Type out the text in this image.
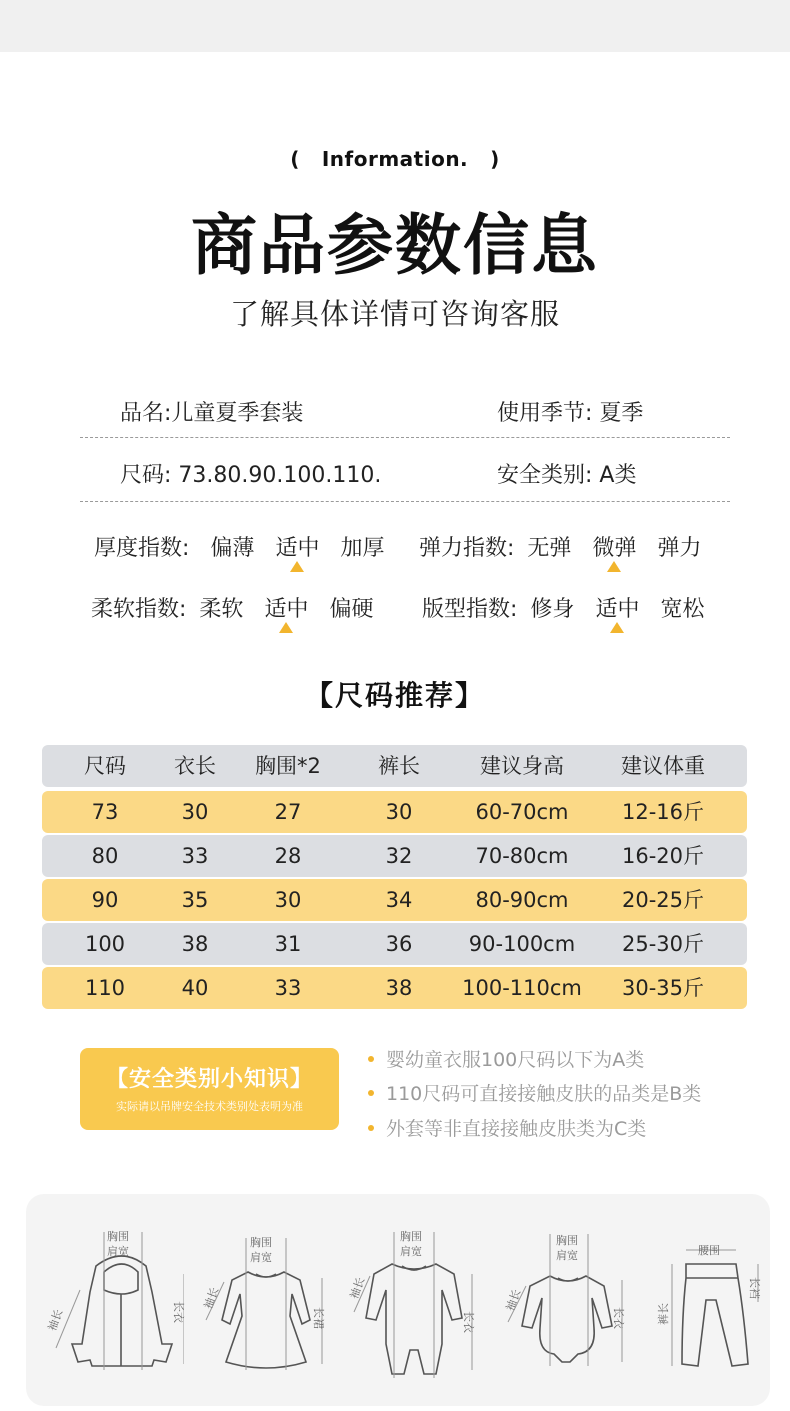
( Information. )
商品参数信息
了解具体详情可咨询客服
品名:儿童夏季套装	使用季节: 夏季
尺码: 73.80.90.100.110.	安全类别: A类
厚度指数: 偏薄 适中 加厚 弹力指数: 无弹 微弹 弹力
柔软指数: 柔软 适中 偏硬 版型指数: 修身 适中 宽松
【尺码推荐】
尺码	衣长	胸围*2	裤长	建议身高	建议体重
73	30	27	30	60-70cm	12-16斤
80	33	28	32	70-80cm	16-20斤
90	35	30	34	80-90cm	20-25斤
100	38	31	36	90-100cm	25-30斤
110	40	33	38	100-110cm	30-35斤
【安全类别小知识】
实际请以吊牌安全技术类别处表明为准
婴幼童衣服100尺码以下为A类
110尺码可直接接触皮肤的品类是B类
外套等非直接接触皮肤类为C类
胸围
肩宽
袖长	长衣
胸围
肩宽
袖长
长裙
胸围
肩宽
袖长
长衣
胸围
肩宽
袖长
长衣
腰围
裤长
长裆
